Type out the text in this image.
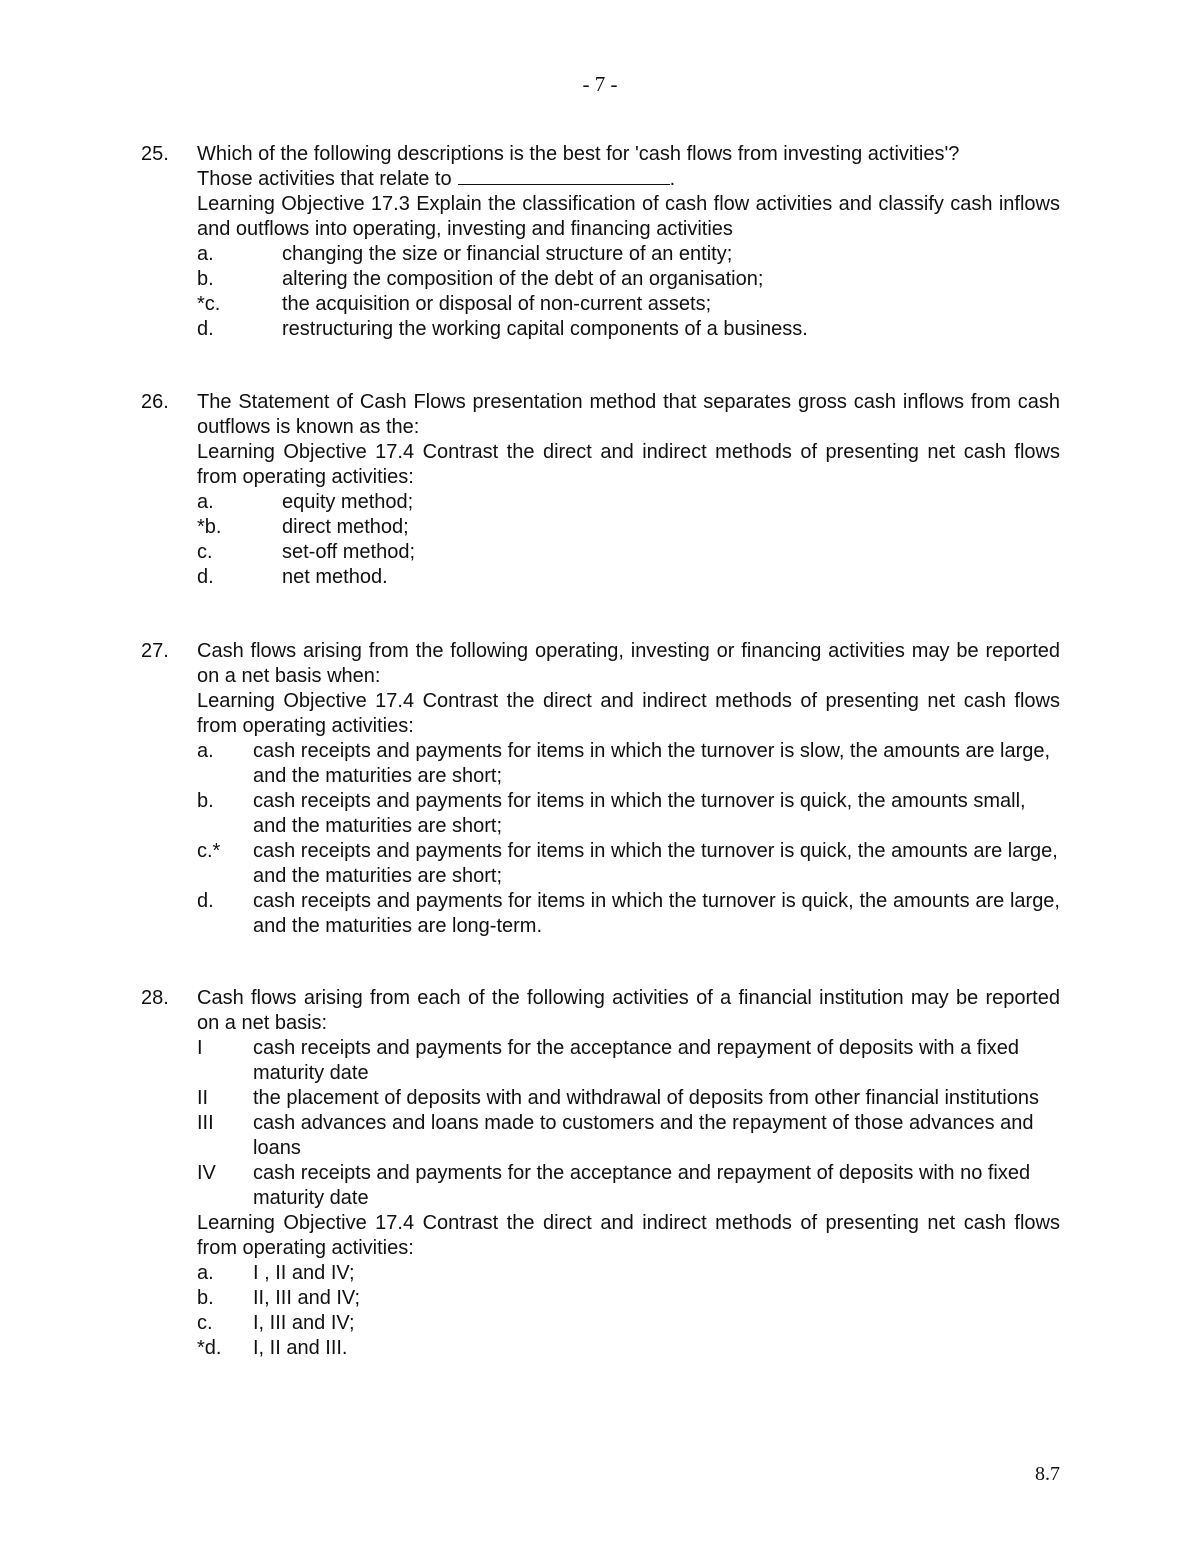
- 7 -
25. Which of the following descriptions is the best for 'cash flows from investing activities'?
Those activities that relate to	.
Learning Objective 17.3 Explain the classification of cash flow activities and classify cash inflows and outflows into operating, investing and financing activities
a.	changing the size or financial structure of an entity;
b.	altering the composition of the debt of an organisation;
*c.	the acquisition or disposal of non-current assets;
d.	restructuring the working capital components of a business.
26. The Statement of Cash Flows presentation method that separates gross cash inflows from cash outflows is known as the:
Learning Objective 17.4 Contrast the direct and indirect methods of presenting net cash flows from operating activities:
a.	equity method;
*b.	direct method;
c.	set-off method;
d.	net method.
27. Cash flows arising from the following operating, investing or financing activities may be reported on a net basis when:
Learning Objective 17.4 Contrast the direct and indirect methods of presenting net cash flows from operating activities:
a. cash receipts and payments for items in which the turnover is slow, the amounts are large, and the maturities are short;
b. cash receipts and payments for items in which the turnover is quick, the amounts small, and the maturities are short;
c.* cash receipts and payments for items in which the turnover is quick, the amounts are large, and the maturities are short;
d. cash receipts and payments for items in which the turnover is quick, the amounts are large, and the maturities are long-term.
28. Cash flows arising from each of the following activities of a financial institution may be reported on a net basis:
I	cash receipts and payments for the acceptance and repayment of deposits with a fixed maturity date
II the placement of deposits with and withdrawal of deposits from other financial institutions
III cash advances and loans made to customers and the repayment of those advances and loans
IV cash receipts and payments for the acceptance and repayment of deposits with no fixed maturity date
Learning Objective 17.4 Contrast the direct and indirect methods of presenting net cash flows from operating activities:
a. I , II and IV;
b. II, III and IV;
c. I, III and IV;
*d. I, II and III.
8.7
